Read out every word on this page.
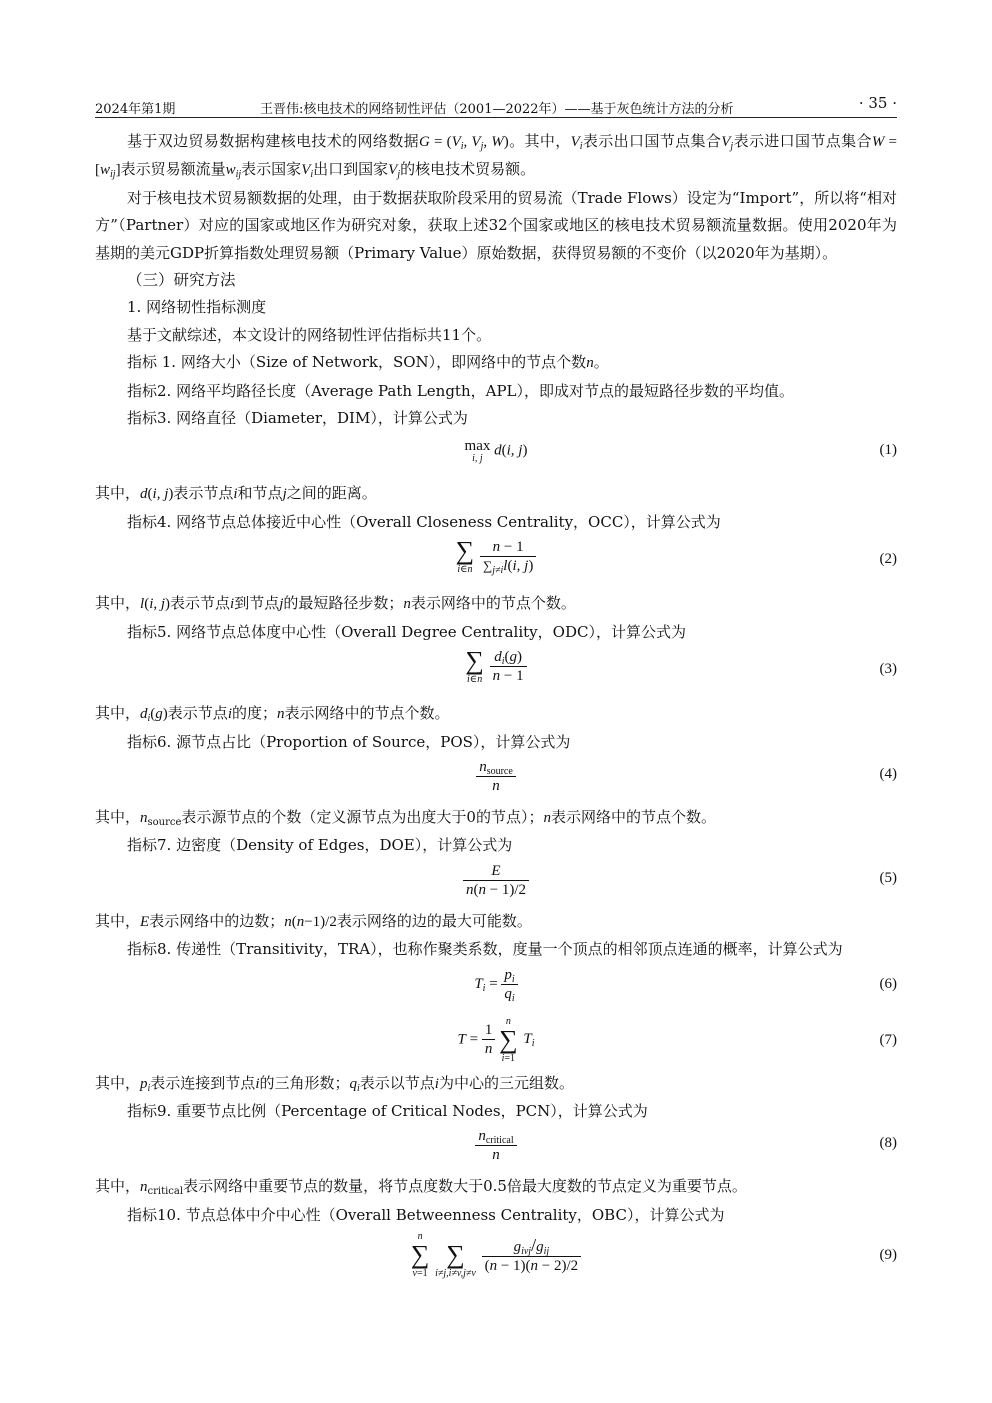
2024年第1期	王晋伟:核电技术的网络韧性评估（2001—2022年）——基于灰色统计方法的分析	· 35 ·

基于双边贸易数据构建核电技术的网络数据$G = (V_i$, $V_j$, W)。其中，$V_i$表示出口国节点集合$V_j$表示进口国节点集合$W = [w_{ij}]$表示贸易额流量$w_{ij}$表示国家$V_i$出口到国家$V_j$的核电技术贸易额。

对于核电技术贸易额数据的处理，由于数据获取阶段采用的贸易流（Trade Flows）设定为“Import”，所以将“相对方”（Partner）对应的国家或地区作为研究对象，获取上述32个国家或地区的核电技术贸易额流量数据。使用2020年为基期的美元GDP折算指数处理贸易额（Primary Value）原始数据，获得贸易额的不变价（以2020年为基期）。

（三）研究方法

1. 网络韧性指标测度

基于文献综述，本文设计的网络韧性评估指标共11个。

指标 1. 网络大小（Size of Network，SON），即网络中的节点个数n。

指标2. 网络平均路径长度（Average Path Length，APL），即成对节点的最短路径步数的平均值。

指标3. 网络直径（Diameter，DIM），计算公式为

max
i, j d(i, j)	(1)

其中，d(i, j)表示节点i和节点j之间的距离。

指标4. 网络节点总体接近中心性（Overall Closeness Centrality，OCC），计算公式为

∑
i∈n
$\frac{n - 1}{\sum_{j\ne i}l(i, j)}$	(2)

其中，l(i, j)表示节点i到节点j的最短路径步数；n表示网络中的节点个数。

指标5. 网络节点总体度中心性（Overall Degree Centrality，ODC），计算公式为

∑
i∈n
$\frac{d_i(g)}{n - 1}$	(3)

其中，$d_i(g)$表示节点i的度；n表示网络中的节点个数。

指标6. 源节点占比（Proportion of Source，POS），计算公式为

$\frac{n_{source}}{n}$	(4)

其中，$n_{source}$表示源节点的个数（定义源节点为出度大于0的节点）；n表示网络中的节点个数。

指标7. 边密度（Density of Edges，DOE），计算公式为

$\frac{E}{n(n - 1)/2}$	(5)

其中，E表示网络中的边数；n(n−1)/2表示网络的边的最大可能数。

指标8. 传递性（Transitivity，TRA），也称作聚类系数，度量一个顶点的相邻顶点连通的概率，计算公式为

$T_i = \frac{p_i}{q_i}$	(6)
$T = \frac{1}{n}$
	n
∑
i=1
$T_i$	(7)

其中，$p_i$表示连接到节点i的三角形数；$q_i$表示以节点i为中心的三元组数。

指标9. 重要节点比例（Percentage of Critical Nodes，PCN），计算公式为

$\frac{n_{critical}}{n}$	(8)

其中，$n_{critical}$表示网络中重要节点的数量，将节点度数大于0.5倍最大度数的节点定义为重要节点。

指标10. 节点总体中介中心性（Overall Betweenness Centrality，OBC），计算公式为

n
∑
v=1

∑
i≠j,i≠v,j≠v
$\frac{g_{ivj}/g_{ij}}{(n - 1)(n - 2)/2}$	(9)
